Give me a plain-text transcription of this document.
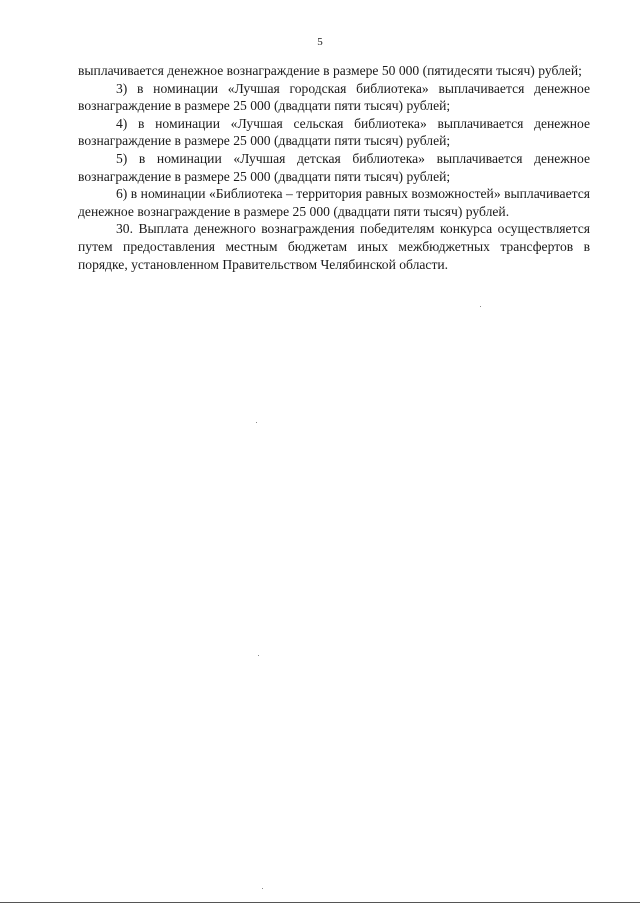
5

выплачивается денежное вознаграждение в размере 50 000 (пятидесяти тысяч) рублей;

3) в номинации «Лучшая городская библиотека» выплачивается денежное вознаграждение в размере 25 000 (двадцати пяти тысяч) рублей;

4) в номинации «Лучшая сельская библиотека» выплачивается денежное вознаграждение в размере 25 000 (двадцати пяти тысяч) рублей;

5) в номинации «Лучшая детская библиотека» выплачивается денежное вознаграждение в размере 25 000 (двадцати пяти тысяч) рублей;

6) в номинации «Библиотека – территория равных возможностей» выплачивается денежное вознаграждение в размере 25 000 (двадцати пяти тысяч) рублей.

30. Выплата денежного вознаграждения победителям конкурса осуществляется путем предоставления местным бюджетам иных межбюджетных трансфертов в порядке, установленном Правительством Челябинской области.
